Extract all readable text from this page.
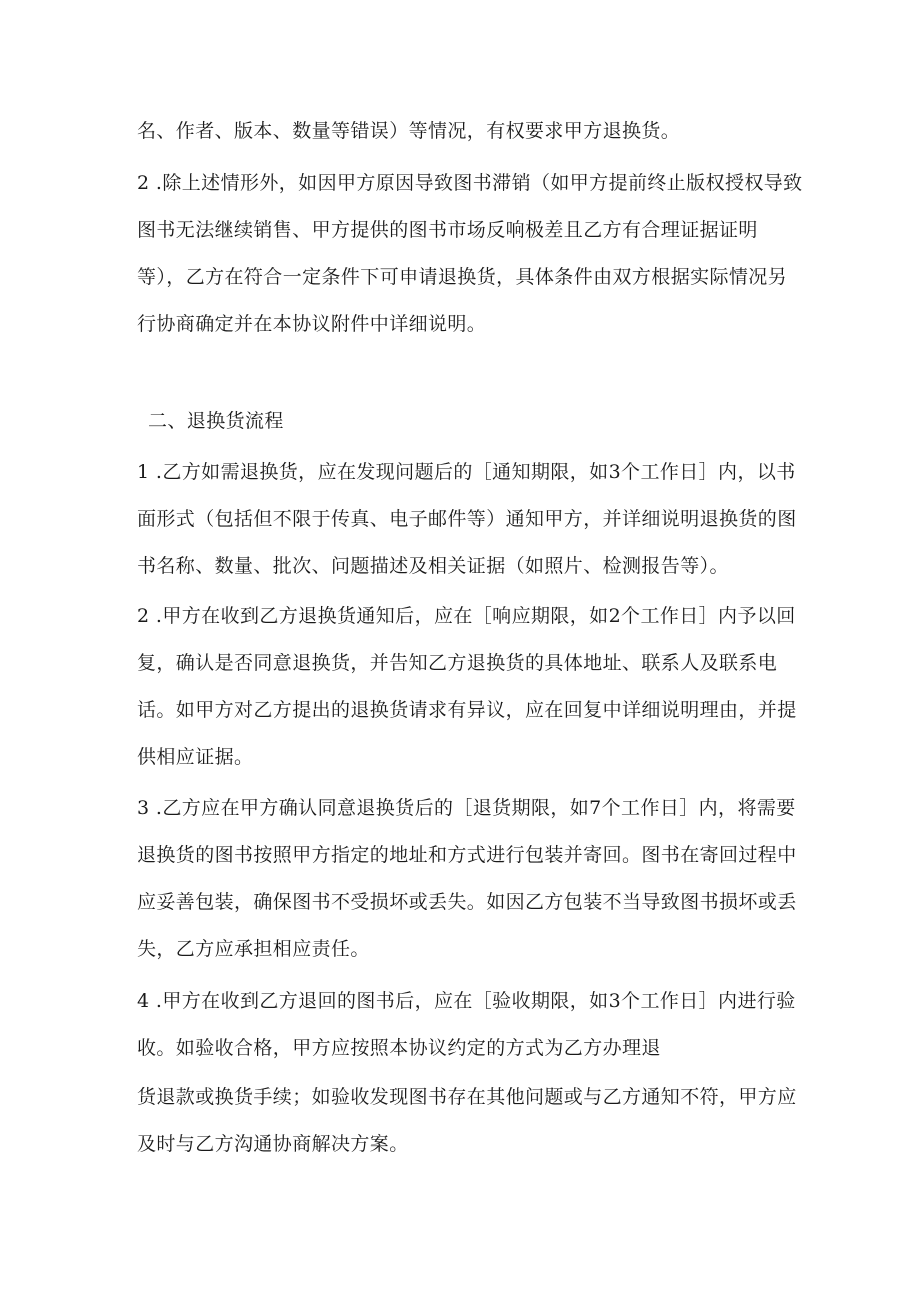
名、作者、版本、数量等错误）等情况，有权要求甲方退换货。
2 .除上述情形外，如因甲方原因导致图书滞销（如甲方提前终止版权授权导致
图书无法继续销售、甲方提供的图书市场反响极差且乙方有合理证据证明
等），乙方在符合一定条件下可申请退换货，具体条件由双方根据实际情况另
行协商确定并在本协议附件中详细说明。
二、退换货流程
1 .乙方如需退换货，应在发现问题后的［通知期限，如3个工作日］内，以书
面形式（包括但不限于传真、电子邮件等）通知甲方，并详细说明退换货的图
书名称、数量、批次、问题描述及相关证据（如照片、检测报告等）。
2 .甲方在收到乙方退换货通知后，应在［响应期限，如2个工作日］内予以回
复，确认是否同意退换货，并告知乙方退换货的具体地址、联系人及联系电
话。如甲方对乙方提出的退换货请求有异议，应在回复中详细说明理由，并提
供相应证据。
3 .乙方应在甲方确认同意退换货后的［退货期限，如7个工作日］内，将需要
退换货的图书按照甲方指定的地址和方式进行包装并寄回。图书在寄回过程中
应妥善包装，确保图书不受损坏或丢失。如因乙方包装不当导致图书损坏或丢
失，乙方应承担相应责任。
4 .甲方在收到乙方退回的图书后，应在［验收期限，如3个工作日］内进行验
收。如验收合格，甲方应按照本协议约定的方式为乙方办理退
货退款或换货手续；如验收发现图书存在其他问题或与乙方通知不符，甲方应
及时与乙方沟通协商解决方案。
